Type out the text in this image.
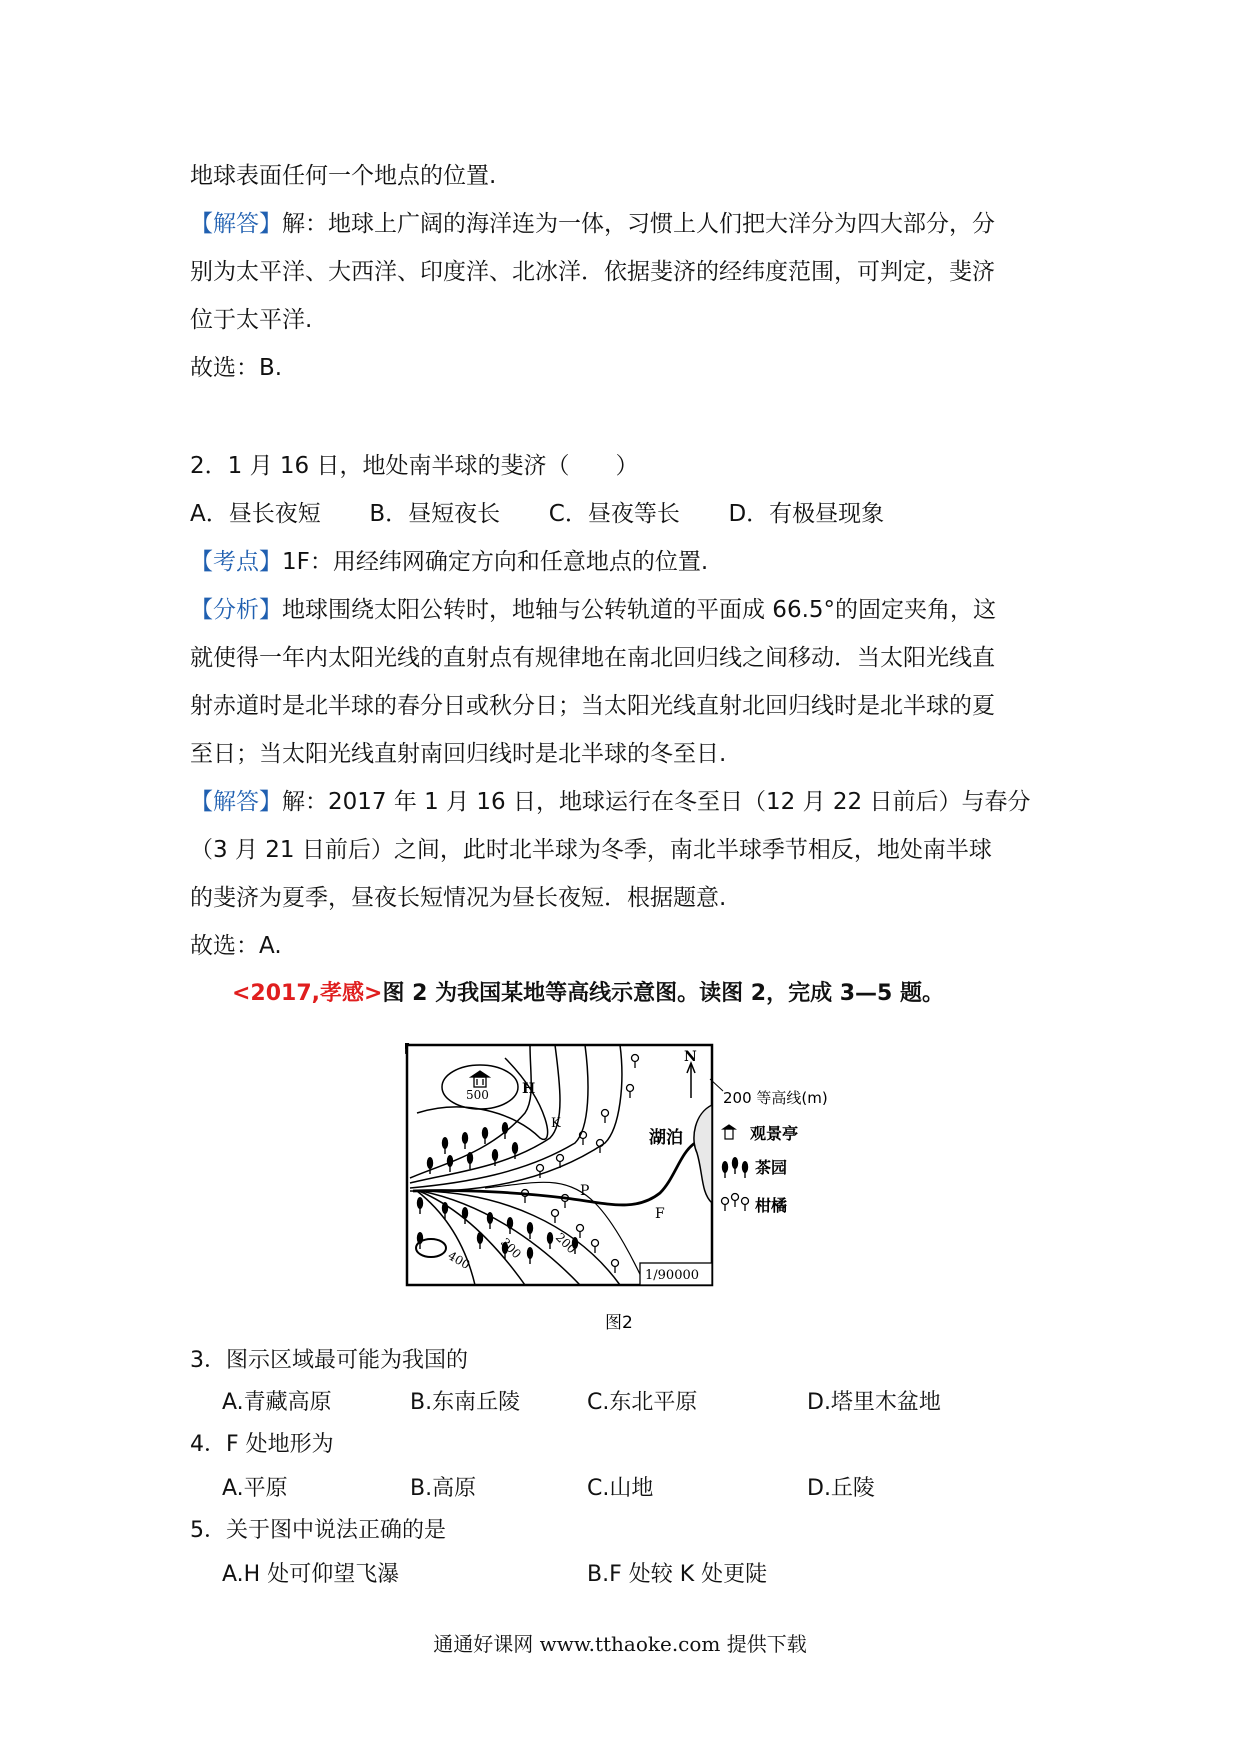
地球表面任何一个地点的位置.
【解答】解：地球上广阔的海洋连为一体，习惯上人们把大洋分为四大部分，分
别为太平洋、大西洋、印度洋、北冰洋．依据斐济的经纬度范围，可判定，斐济
位于太平洋.
故选：B.
2．1 月 16 日，地处南半球的斐济（　　）
A．昼长夜短 B．昼短夜长 C．昼夜等长 D．有极昼现象
【考点】1F：用经纬网确定方向和任意地点的位置.
【分析】地球围绕太阳公转时，地轴与公转轨道的平面成 66.5°的固定夹角，这
就使得一年内太阳光线的直射点有规律地在南北回归线之间移动．当太阳光线直
射赤道时是北半球的春分日或秋分日；当太阳光线直射北回归线时是北半球的夏
至日；当太阳光线直射南回归线时是北半球的冬至日.
【解答】解：2017 年 1 月 16 日，地球运行在冬至日（12 月 22 日前后）与春分
（3 月 21 日前后）之间，此时北半球为冬季，南北半球季节相反，地处南半球
的斐济为夏季，昼夜长短情况为昼长夜短．根据题意.
故选：A.
<2017,孝感>图 2 为我国某地等高线示意图。读图 2，完成 3—5 题。
500
400 300 200
H
K
P
F
湖泊
N
1/90000
200 等高线(m)
观景亭
茶园
柑橘
图2
3．图示区域最可能为我国的
A.青藏高原	B.东南丘陵	C.东北平原	D.塔里木盆地
4．F 处地形为
A.平原	B.高原	C.山地	D.丘陵
5．关于图中说法正确的是
A.H 处可仰望飞瀑	B.F 处较 K 处更陡
通通好课网 www.tthaoke.com 提供下载
